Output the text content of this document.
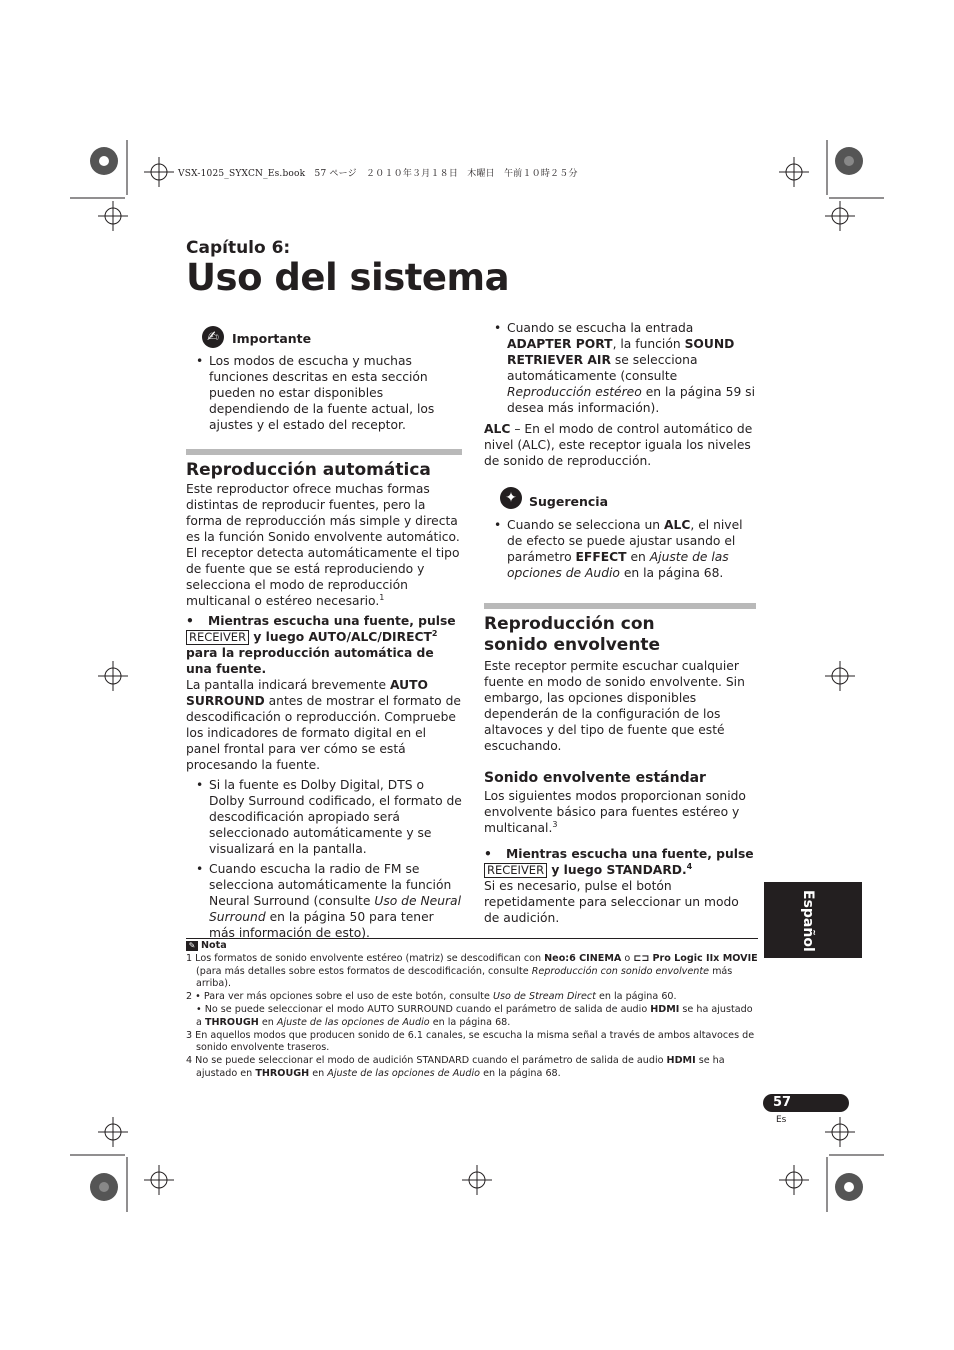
VSX-1025_SYXCN_Es.book　57 ページ　２０１０年３月１８日　木曜日　午前１０時２５分
Capítulo 6:
Uso del sistema
✍	Importante

• Los modos de escucha y muchas funciones descritas en esta sección pueden no estar disponibles dependiendo de la fuente actual, los ajustes y el estado del receptor.

Reproducción automática

Este reproductor ofrece muchas formas distintas de reproducir fuentes, pero la forma de reproducción más simple y directa es la función Sonido envolvente automático. El receptor detecta automáticamente el tipo de fuente que se está reproduciendo y selecciona el modo de reproducción multicanal o estéreo necesario.$^1$

• Mientras escucha una fuente, pulse
RECEIVER y luego AUTO/ALC/DIRECT$^2$ para la reproducción automática de una fuente.

La pantalla indicará brevemente AUTO SURROUND antes de mostrar el formato de descodificación o reproducción. Compruebe los indicadores de formato digital en el panel frontal para ver cómo se está procesando la fuente.

• Si la fuente es Dolby Digital, DTS o Dolby Surround codificado, el formato de descodificación apropiado será seleccionado automáticamente y se visualizará en la pantalla.

• Cuando escucha la radio de FM se selecciona automáticamente la función Neural Surround (consulte Uso de Neural Surround en la página 50 para tener más información de esto).

• Cuando se escucha la entrada ADAPTER PORT, la función SOUND RETRIEVER AIR se selecciona automáticamente (consulte Reproducción estéreo en la página 59 si desea más información).

ALC – En el modo de control automático de nivel (ALC), este receptor iguala los niveles de sonido de reproducción.

✦ Sugerencia

• Cuando se selecciona un ALC, el nivel de efecto se puede ajustar usando el parámetro EFFECT en Ajuste de las opciones de Audio en la página 68.

Reproducción con sonido envolvente

Este receptor permite escuchar cualquier fuente en modo de sonido envolvente. Sin embargo, las opciones disponibles dependerán de la configuración de los altavoces y del tipo de fuente que esté escuchando.

Sonido envolvente estándar

Los siguientes modos proporcionan sonido envolvente básico para fuentes estéreo y multicanal.$^3$

• Mientras escucha una fuente, pulse
RECEIVER y luego STANDARD.$^4$

Si es necesario, pulse el botón repetidamente para seleccionar un modo de audición.	Español

✎ Nota

1 Los formatos de sonido envolvente estéreo (matriz) se descodifican con Neo:6 CINEMA o ⊏⊐ Pro Logic IIx MOVIE (para más detalles sobre estos formatos de descodificación, consulte Reproducción con sonido envolvente más arriba).

2 • Para ver más opciones sobre el uso de este botón, consulte Uso de Stream Direct en la página 60.

• No se puede seleccionar el modo AUTO SURROUND cuando el parámetro de salida de audio HDMI se ha ajustado a THROUGH en Ajuste de las opciones de Audio en la página 68.

3 En aquellos modos que producen sonido de 6.1 canales, se escucha la misma señal a través de ambos altavoces de sonido envolvente traseros.

4 No se puede seleccionar el modo de audición STANDARD cuando el parámetro de salida de audio HDMI se ha ajustado en THROUGH en Ajuste de las opciones de Audio en la página 68.

57
Es
